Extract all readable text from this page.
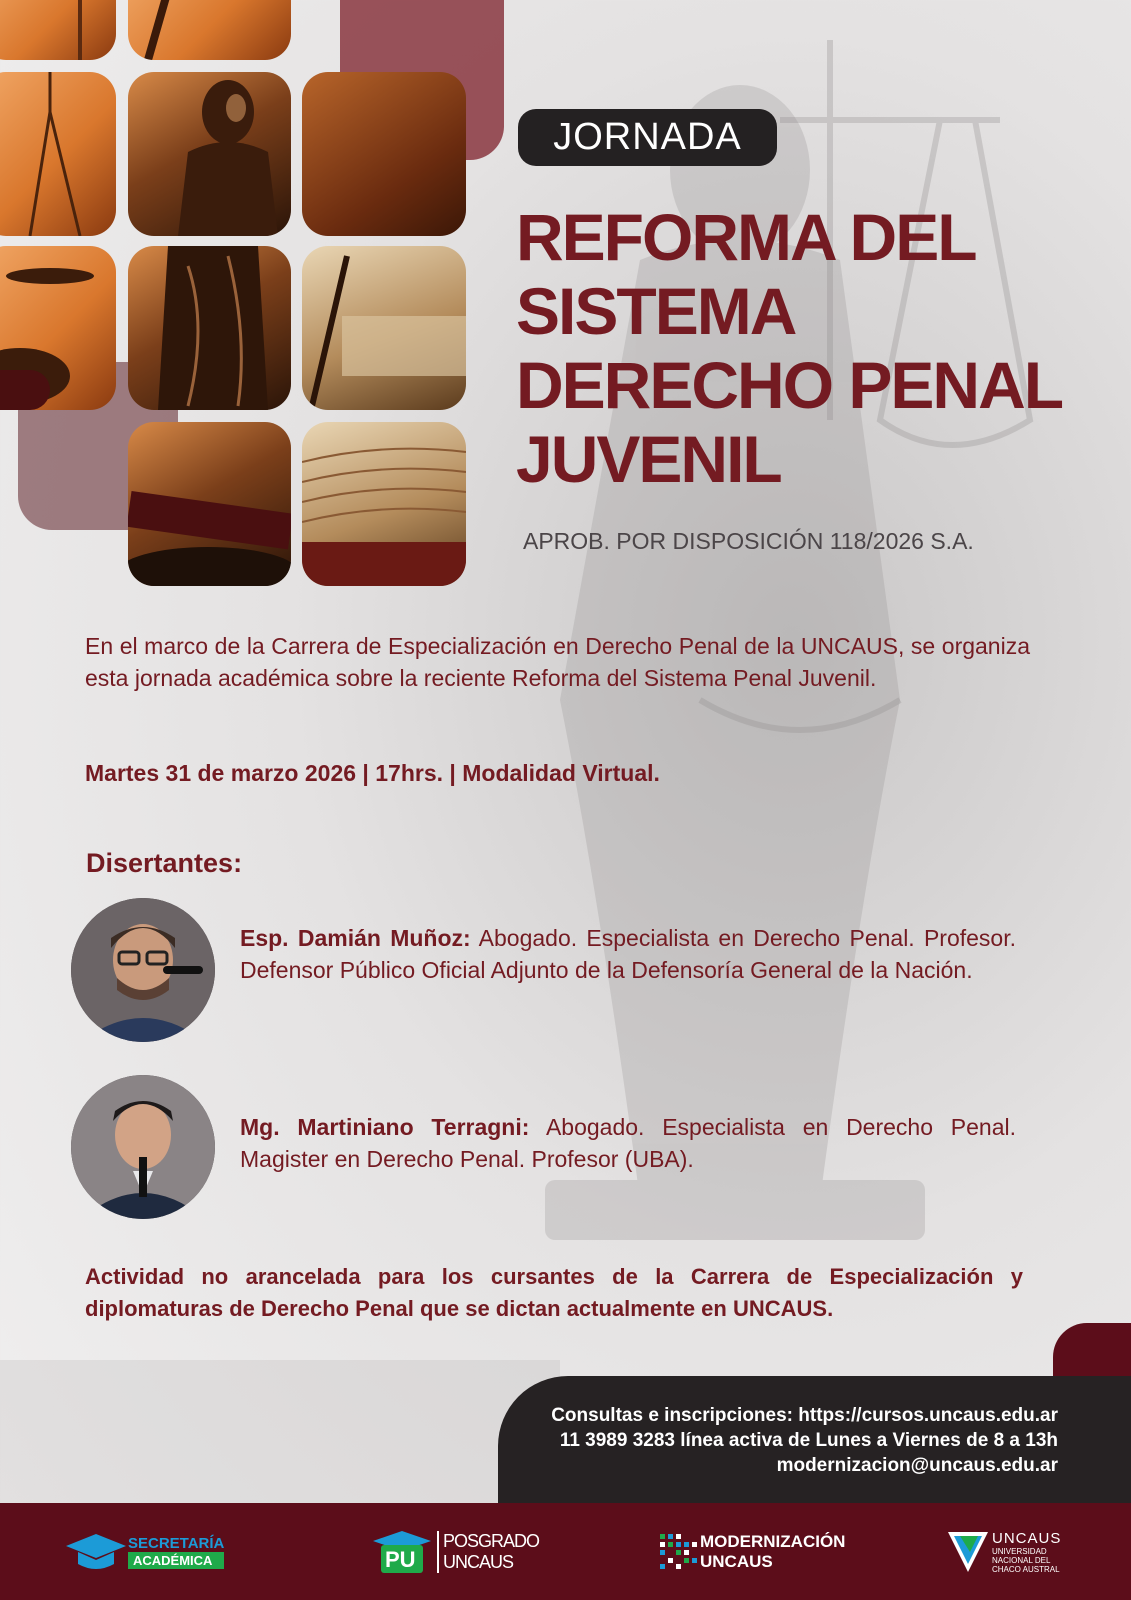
JORNADA
REFORMA DEL
SISTEMA
DERECHO PENAL
JUVENIL
APROB. POR DISPOSICIÓN 118/2026 S.A.
En el marco de la Carrera de Especialización en Derecho Penal de la UNCAUS, se organiza esta jornada académica sobre la reciente Reforma del Sistema Penal Juvenil.
Martes 31 de marzo 2026 | 17hrs. | Modalidad Virtual.
Disertantes:
Esp. Damián Muñoz: Abogado. Especialista en Derecho Penal. Profesor. Defensor Público Oficial Adjunto de la Defensoría General de la Nación.
Mg. Martiniano Terragni: Abogado. Especialista en Derecho Penal. Magister en Derecho Penal. Profesor (UBA).
Actividad no arancelada para los cursantes de la Carrera de Especialización y diplomaturas de Derecho Penal que se dictan actualmente en UNCAUS.
Consultas e inscripciones: https://cursos.uncaus.edu.ar
11 3989 3283 línea activa de Lunes a Viernes de 8 a 13h
modernizacion@uncaus.edu.ar
SECRETARÍA
ACADÉMICA	PU
POSGRADO
UNCAUS
MODERNIZACIÓN
UNCAUS
UNCAUS
UNIVERSIDAD
NACIONAL DEL
CHACO AUSTRAL
